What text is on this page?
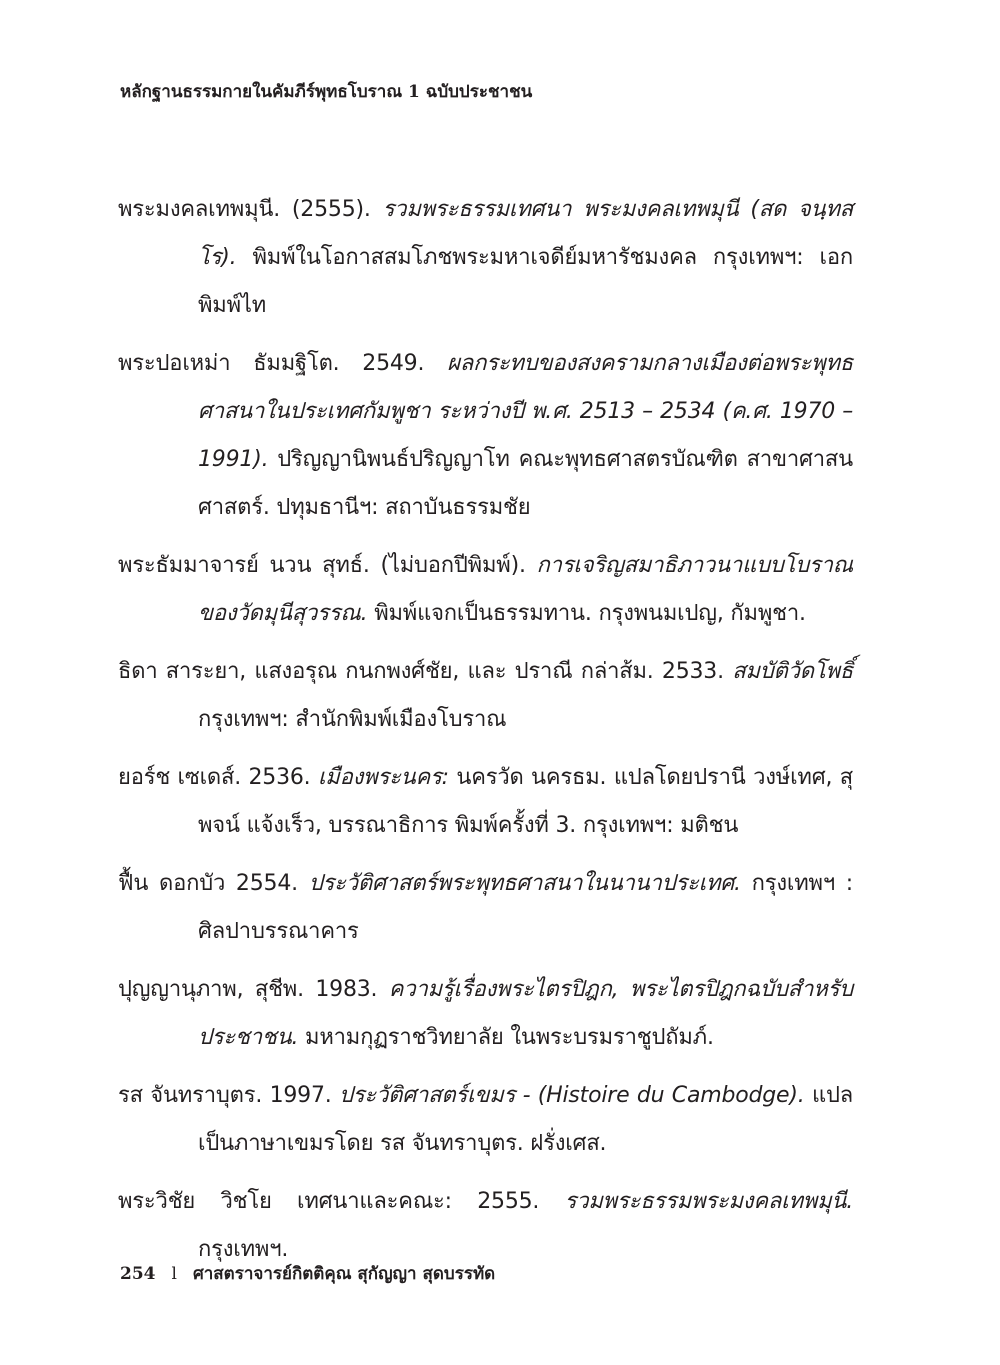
หลักฐานธรรมกายในคัมภีร์พุทธโบราณ 1 ฉบับประชาชน

พระมงคลเทพมุนี. (2555). รวมพระธรรมเทศนา พระมงคลเทพมุนี (สด จนฺทสโร). พิมพ์ในโอกาสสมโภชพระมหาเจดีย์มหารัชมงคล กรุงเทพฯ: เอกพิมพ์ไท

พระปอเหม่า ธัมมฐิโต. 2549. ผลกระทบของสงครามกลางเมืองต่อพระพุทธศาสนาในประเทศกัมพูชา ระหว่างปี พ.ศ. 2513 – 2534 (ค.ศ. 1970 – 1991). ปริญญานิพนธ์ปริญญาโท คณะพุทธศาสตรบัณฑิต สาขาศาสนศาสตร์. ปทุมธานีฯ: สถาบันธรรมชัย

พระธัมมาจารย์ นวน สุทธ์. (ไม่บอกปีพิมพ์). การเจริญสมาธิภาวนาแบบโบราณของวัดมุนีสุวรรณ. พิมพ์แจกเป็นธรรมทาน. กรุงพนมเปญ, กัมพูชา.

ธิดา สาระยา, แสงอรุณ กนกพงศ์ชัย, และ ปราณี กล่าส้ม. 2533. สมบัติวัดโพธิ์ กรุงเทพฯ: สำนักพิมพ์เมืองโบราณ

ยอร์ช เซเดส์. 2536. เมืองพระนคร: นครวัด นครธม. แปลโดยปรานี วงษ์เทศ, สุพจน์ แจ้งเร็ว, บรรณาธิการ พิมพ์ครั้งที่ 3. กรุงเทพฯ: มติชน

ฟื้น ดอกบัว 2554. ประวัติศาสตร์พระพุทธศาสนาในนานาประเทศ. กรุงเทพฯ : ศิลปาบรรณาคาร

ปุญญานุภาพ, สุชีพ. 1983. ความรู้เรื่องพระไตรปิฎก, พระไตรปิฎกฉบับสำหรับประชาชน. มหามกุฏราชวิทยาลัย ในพระบรมราชูปถัมภ์.

รส จันทราบุตร. 1997. ประวัติศาสตร์เขมร - (Histoire du Cambodge). แปลเป็นภาษาเขมรโดย รส จันทราบุตร. ฝรั่งเศส.

พระวิชัย วิชโย เทศนาและคณะ: 2555. รวมพระธรรมพระมงคลเทพมุนี. กรุงเทพฯ.

254 l ศาสตราจารย์กิตติคุณ สุกัญญา สุดบรรทัด
